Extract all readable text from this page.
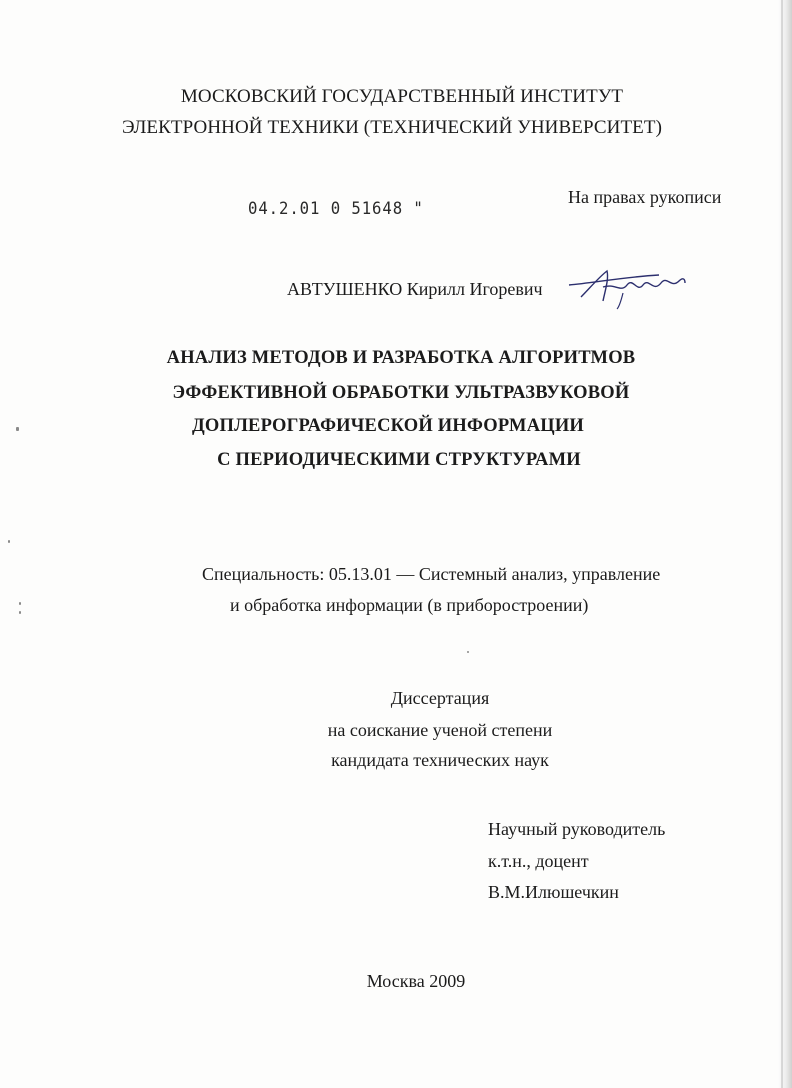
МОСКОВСКИЙ ГОСУДАРСТВЕННЫЙ ИНСТИТУТ
ЭЛЕКТРОННОЙ ТЕХНИКИ (ТЕХНИЧЕСКИЙ УНИВЕРСИТЕТ)
04.2.01 0 51648 "
На правах рукописи
АВТУШЕНКО Кирилл Игоревич
АНАЛИЗ МЕТОДОВ И РАЗРАБОТКА АЛГОРИТМОВ
ЭФФЕКТИВНОЙ ОБРАБОТКИ УЛЬТРАЗВУКОВОЙ
ДОПЛЕРОГРАФИЧЕСКОЙ ИНФОРМАЦИИ
С ПЕРИОДИЧЕСКИМИ СТРУКТУРАМИ
Специальность: 05.13.01 — Системный анализ, управление
и обработка информации (в приборостроении)
Диссертация
на соискание ученой степени
кандидата технических наук
Научный руководитель
к.т.н., доцент
В.М.Илюшечкин
Москва 2009
